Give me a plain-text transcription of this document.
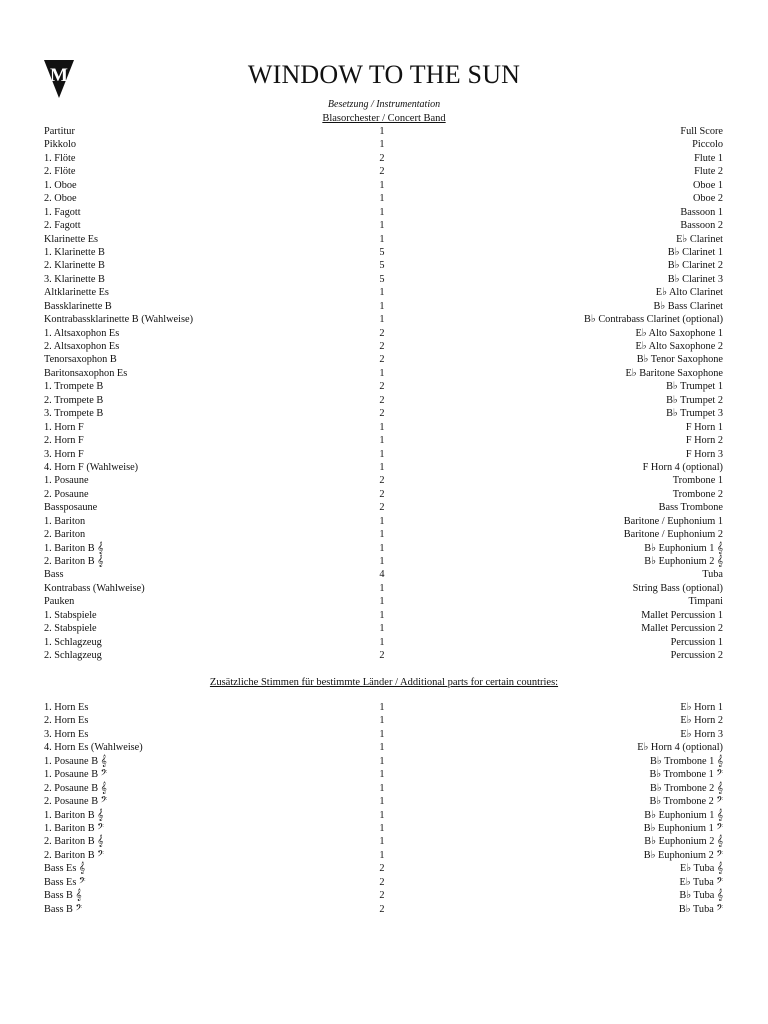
M	WINDOW TO THE SUN
Besetzung / Instrumentation
Blasorchester / Concert Band
Partitur	1	Full Score
Pikkolo	1	Piccolo
1. Flöte	2	Flute 1
2. Flöte	2	Flute 2
1. Oboe	1	Oboe 1
2. Oboe	1	Oboe 2
1. Fagott	1	Bassoon 1
2. Fagott	1	Bassoon 2
Klarinette Es	1	E♭ Clarinet
1. Klarinette B	5	B♭ Clarinet 1
2. Klarinette B	5	B♭ Clarinet 2
3. Klarinette B	5	B♭ Clarinet 3
Altklarinette Es	1	E♭ Alto Clarinet
Bassklarinette B	1	B♭ Bass Clarinet
Kontrabassklarinette B (Wahlweise)	1	B♭ Contrabass Clarinet (optional)
1. Altsaxophon Es	2	E♭ Alto Saxophone 1
2. Altsaxophon Es	2	E♭ Alto Saxophone 2
Tenorsaxophon B	2	B♭ Tenor Saxophone
Baritonsaxophon Es	1	E♭ Baritone Saxophone
1. Trompete B	2	B♭ Trumpet 1
2. Trompete B	2	B♭ Trumpet 2
3. Trompete B	2	B♭ Trumpet 3
1. Horn F	1	F Horn 1
2. Horn F	1	F Horn 2
3. Horn F	1	F Horn 3
4. Horn F (Wahlweise)	1	F Horn 4 (optional)
1. Posaune	2	Trombone 1
2. Posaune	2	Trombone 2
Bassposaune	2	Bass Trombone
1. Bariton	1	Baritone / Euphonium 1
2. Bariton	1	Baritone / Euphonium 2
1. Bariton B 𝄞	1	B♭ Euphonium 1 𝄞
2. Bariton B 𝄞	1	B♭ Euphonium 2 𝄞
Bass	4	Tuba
Kontrabass (Wahlweise)	1	String Bass (optional)
Pauken	1	Timpani
1. Stabspiele	1	Mallet Percussion 1
2. Stabspiele	1	Mallet Percussion 2
1. Schlagzeug	1	Percussion 1
2. Schlagzeug	2	Percussion 2
Zusätzliche Stimmen für bestimmte Länder / Additional parts for certain countries:
1. Horn Es	1	E♭ Horn 1
2. Horn Es	1	E♭ Horn 2
3. Horn Es	1	E♭ Horn 3
4. Horn Es (Wahlweise)	1	E♭ Horn 4 (optional)
1. Posaune B 𝄞	1	B♭ Trombone 1 𝄞
1. Posaune B 𝄢	1	B♭ Trombone 1 𝄢
2. Posaune B 𝄞	1	B♭ Trombone 2 𝄞
2. Posaune B 𝄢	1	B♭ Trombone 2 𝄢
1. Bariton B 𝄞	1	B♭ Euphonium 1 𝄞
1. Bariton B 𝄢	1	B♭ Euphonium 1 𝄢
2. Bariton B 𝄞	1	B♭ Euphonium 2 𝄞
2. Bariton B 𝄢	1	B♭ Euphonium 2 𝄢
Bass Es 𝄞	2	E♭ Tuba 𝄞
Bass Es 𝄢	2	E♭ Tuba 𝄢
Bass B 𝄞	2	B♭ Tuba 𝄞
Bass B 𝄢	2	B♭ Tuba 𝄢
